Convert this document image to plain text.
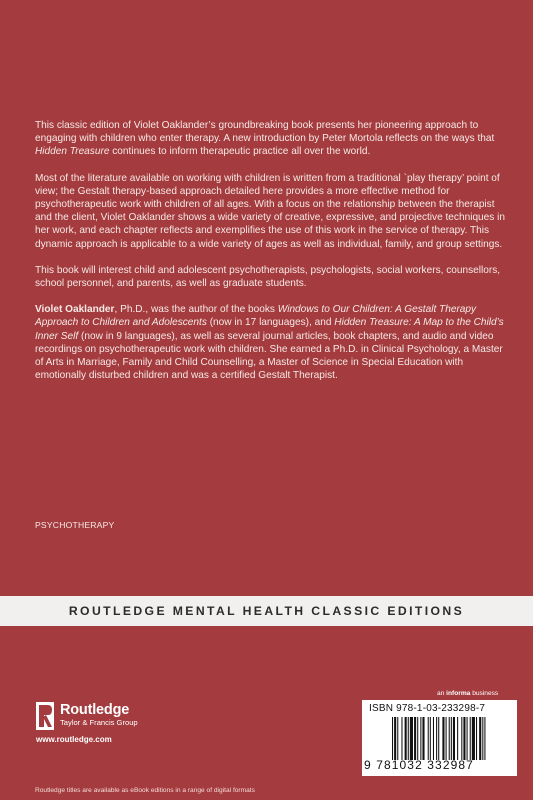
This classic edition of Violet Oaklander’s groundbreaking book presents her pioneering approach to engaging with children who enter therapy. A new introduction by Peter Mortola reflects on the ways that Hidden Treasure continues to inform therapeutic practice all over the world.

Most of the literature available on working with children is written from a traditional `play therapy’ point of view; the Gestalt therapy-based approach detailed here provides a more effective method for psychotherapeutic work with children of all ages. With a focus on the relationship between the therapist and the client, Violet Oaklander shows a wide variety of creative, expressive, and projective techniques in her work, and each chapter reflects and exemplifies the use of this work in the service of therapy. This dynamic approach is applicable to a wide variety of ages as well as individual, family, and group settings.

This book will interest child and adolescent psychotherapists, psychologists, social workers, counsellors, school personnel, and parents, as well as graduate students.

Violet Oaklander, Ph.D., was the author of the books Windows to Our Children: A Gestalt Therapy Approach to Children and Adolescents (now in 17 languages), and Hidden Treasure: A Map to the Child’s Inner Self (now in 9 languages), as well as several journal articles, book chapters, and audio and video recordings on psychotherapeutic work with children. She earned a Ph.D. in Clinical Psychology, a Master of Arts in Marriage, Family and Child Counselling, a Master of Science in Special Education with emotionally disturbed children and was a certified Gestalt Therapist.

PSYCHOTHERAPY
ROUTLEDGE MENTAL HEALTH CLASSIC EDITIONS
Routledge
Taylor & Francis Group
www.routledge.com
an informa business
ISBN 978-1-03-233298-7
9 781032 332987
Routledge titles are available as eBook editions in a range of digital formats
